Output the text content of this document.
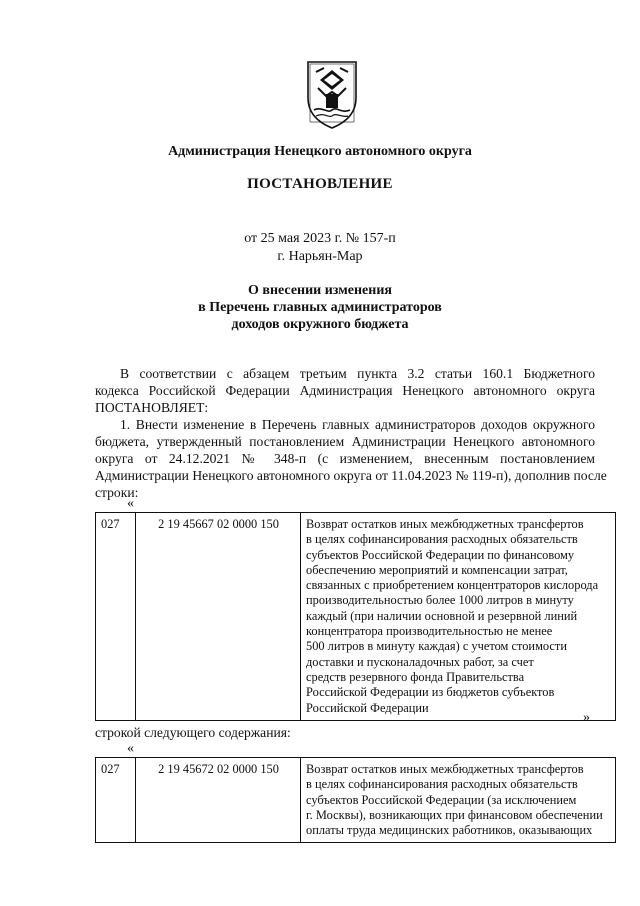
Администрация Ненецкого автономного округа
ПОСТАНОВЛЕНИЕ
от 25 мая 2023 г. № 157-п
г. Нарьян-Мар
О внесении изменения
в Перечень главных администраторов
доходов окружного бюджета
В соответствии с абзацем третьим пункта 3.2 статьи 160.1 Бюджетного
кодекса Российской Федерации Администрация Ненецкого автономного округа
ПОСТАНОВЛЯЕТ:
1. Внести изменение в Перечень главных администраторов доходов окружного
бюджета, утвержденный постановлением Администрации Ненецкого автономного
округа от 24.12.2021 № 348-п (с изменением, внесенным постановлением
Администрации Ненецкого автономного округа от 11.04.2023 № 119-п), дополнив после
строки:
«
027	2 19 45667 02 0000 150	Возврат остатков иных межбюджетных трансфертов
в целях софинансирования расходных обязательств
субъектов Российской Федерации по финансовому
обеспечению мероприятий и компенсации затрат,
связанных с приобретением концентраторов кислорода
производительностью более 1000 литров в минуту
каждый (при наличии основной и резервной линий
концентратора производительностью не менее
500 литров в минуту каждая) с учетом стоимости
доставки и пусконаладочных работ, за счет
средств резервного фонда Правительства
Российской Федерации из бюджетов субъектов
Российской Федерации
»
строкой следующего содержания:
«
027	2 19 45672 02 0000 150	Возврат остатков иных межбюджетных трансфертов
в целях софинансирования расходных обязательств
субъектов Российской Федерации (за исключением
г. Москвы), возникающих при финансовом обеспечении
оплаты труда медицинских работников, оказывающих
